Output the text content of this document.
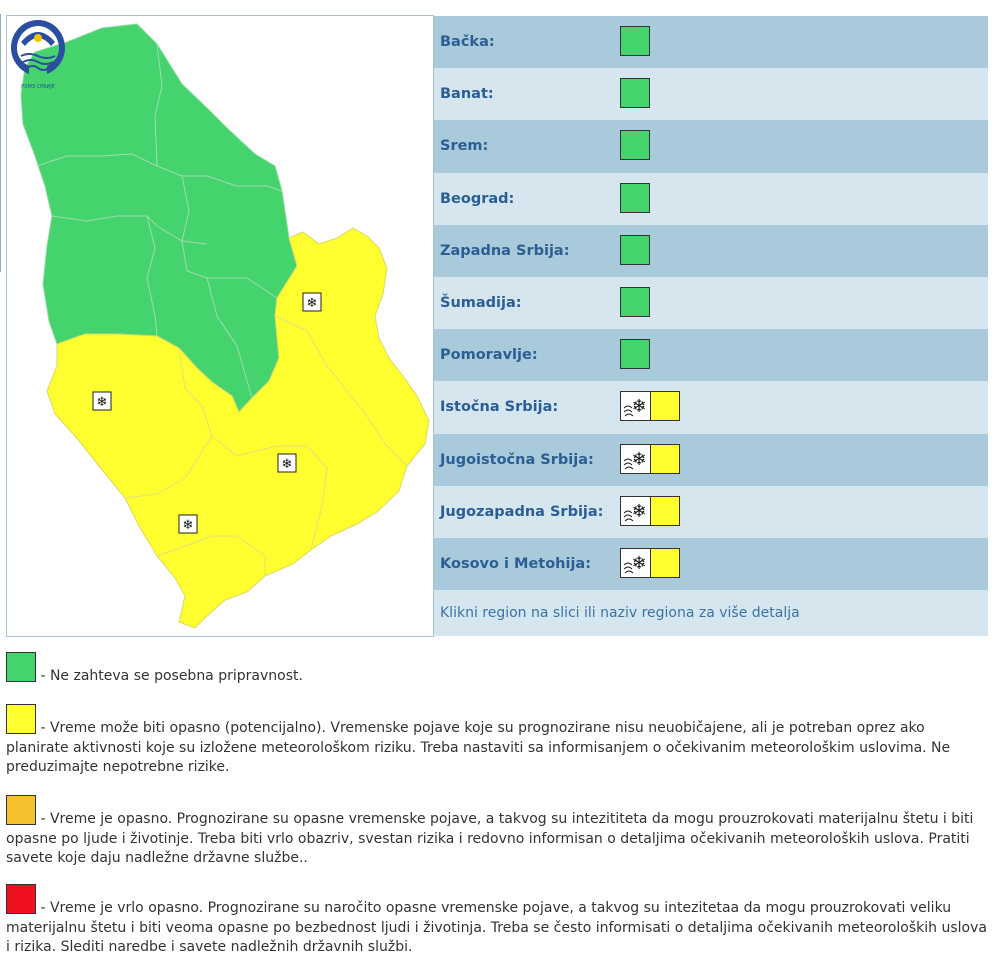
❄
❄
❄
❄
РХМЗ СРБИЈЕ
Bačka:
Banat:
Srem:
Beograd:
Zapadna Srbija:
Šumadija:
Pomoravlje:
Istočna Srbija:	❄
Jugoistočna Srbija: ❄
Jugozapadna Srbija: ❄
Kosovo i Metohija: ❄
Klikni region na slici ili naziv regiona za više detalja
- Ne zahteva se posebna pripravnost.
- Vreme može biti opasno (potencijalno). Vremenske pojave koje su prognozirane nisu neuobičajene, ali je potreban oprez ako planirate aktivnosti koje su izložene meteorološkom riziku. Treba nastaviti sa informisanjem o očekivanim meteorološkim uslovima. Ne preduzimajte nepotrebne rizike.
- Vreme je opasno. Prognozirane su opasne vremenske pojave, a takvog su intezititeta da mogu prouzrokovati materijalnu štetu i biti opasne po ljude i životinje. Treba biti vrlo obazriv, svestan rizika i redovno informisan o detaljima očekivanih meteoroloških uslova. Pratiti savete koje daju nadležne državne službe..
- Vreme je vrlo opasno. Prognozirane su naročito opasne vremenske pojave, a takvog su intezitetaa da mogu prouzrokovati veliku materijalnu štetu i biti veoma opasne po bezbednost ljudi i životinja. Treba se često informisati o detaljima očekivanih meteoroloških uslova i rizika. Slediti naredbe i savete nadležnih državnih službi.
